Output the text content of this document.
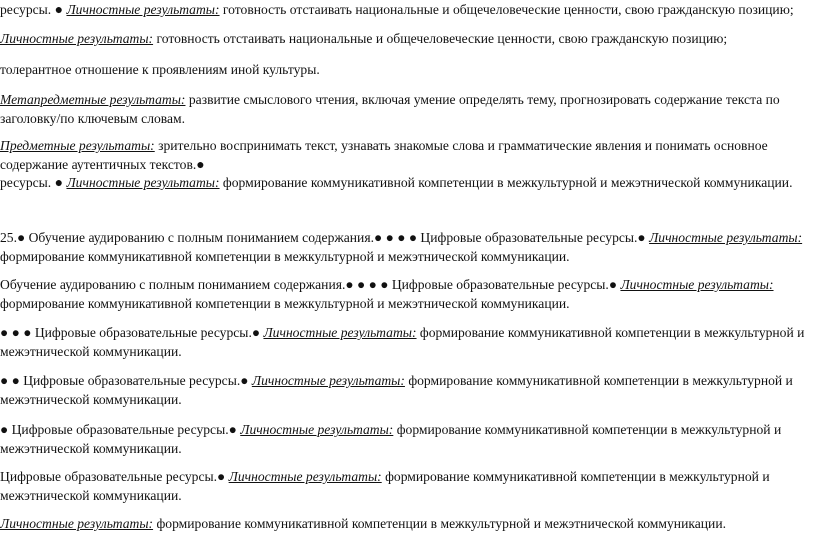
ресурсы. ● Личностные результаты: готовность отстаивать национальные и общечеловеческие ценности, свою гражданскую позицию;

Личностные результаты: готовность отстаивать национальные и общечеловеческие ценности, свою гражданскую позицию;

толерантное отношение к проявлениям иной культуры.

Метапредметные результаты: развитие смыслового чтения, включая умение определять тему, прогнозировать содержание текста по заголовку/по ключевым словам.

Предметные результаты: зрительно воспринимать текст, узнавать знакомые слова и грамматические явления и понимать основное содержание аутентичных текстов.●

ресурсы. ● Личностные результаты: формирование коммуникативной компетенции в межкультурной и межэтнической коммуникации.

25.● Обучение аудированию с полным пониманием содержания.● ● ● ● Цифровые образовательные ресурсы.● Личностные результаты: формирование коммуникативной компетенции в межкультурной и межэтнической коммуникации.

Обучение аудированию с полным пониманием содержания.● ● ● ● Цифровые образовательные ресурсы.● Личностные результаты: формирование коммуникативной компетенции в межкультурной и межэтнической коммуникации.

● ● ● Цифровые образовательные ресурсы.● Личностные результаты: формирование коммуникативной компетенции в межкультурной и межэтнической коммуникации.

● ● Цифровые образовательные ресурсы.● Личностные результаты: формирование коммуникативной компетенции в межкультурной и межэтнической коммуникации.

● Цифровые образовательные ресурсы.● Личностные результаты: формирование коммуникативной компетенции в межкультурной и межэтнической коммуникации.

Цифровые образовательные ресурсы.● Личностные результаты: формирование коммуникативной компетенции в межкультурной и межэтнической коммуникации.

Личностные результаты: формирование коммуникативной компетенции в межкультурной и межэтнической коммуникации.
